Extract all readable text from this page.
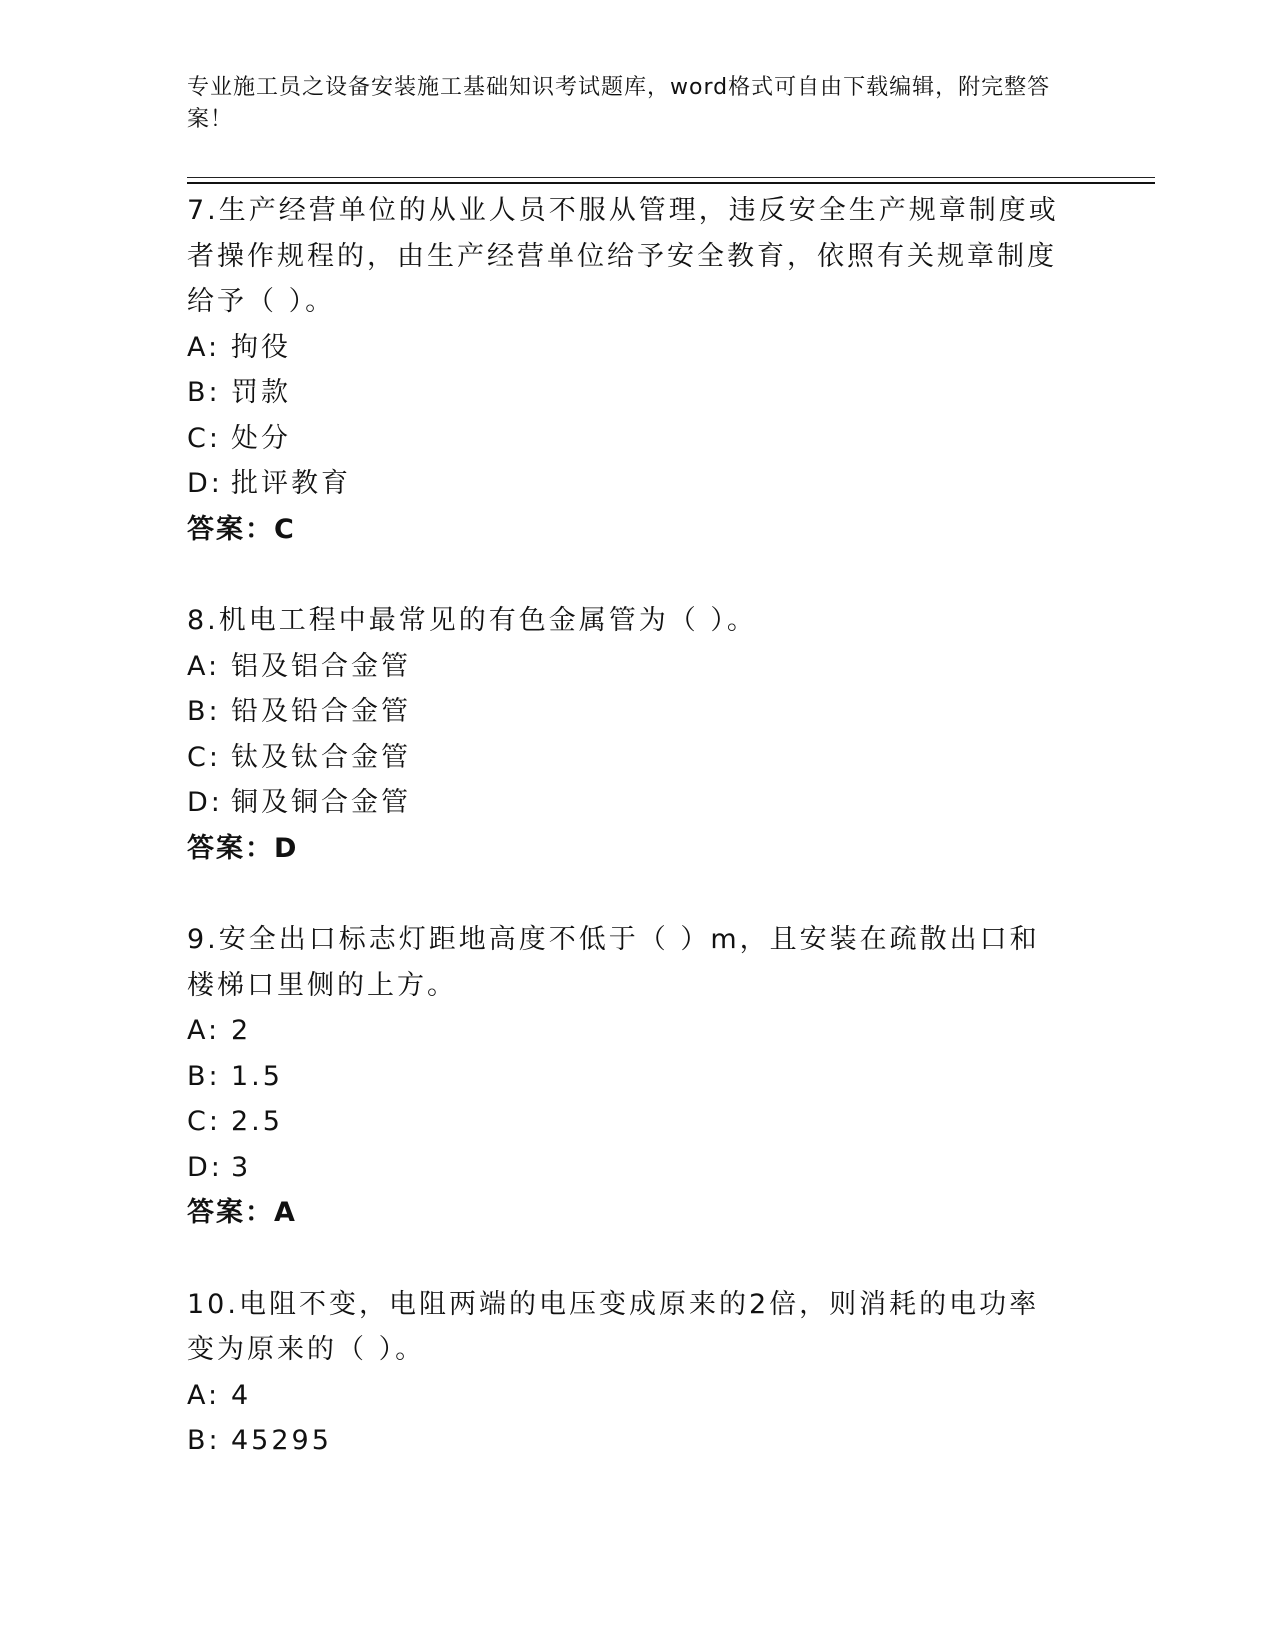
专业施工员之设备安装施工基础知识考试题库，word格式可自由下载编辑，附完整答案！
7.生产经营单位的从业人员不服从管理，违反安全生产规章制度或者操作规程的，由生产经营单位给予安全教育，依照有关规章制度给予（ ）。
A: 拘役
B: 罚款
C: 处分
D: 批评教育
答案：C
8.机电工程中最常见的有色金属管为（ ）。
A: 铝及铝合金管
B: 铅及铅合金管
C: 钛及钛合金管
D: 铜及铜合金管
答案：D
9.安全出口标志灯距地高度不低于（ ）m，且安装在疏散出口和楼梯口里侧的上方。
A: 2
B: 1.5
C: 2.5
D: 3
答案：A
10.电阻不变，电阻两端的电压变成原来的2倍，则消耗的电功率变为原来的（ ）。
A: 4
B: 45295
